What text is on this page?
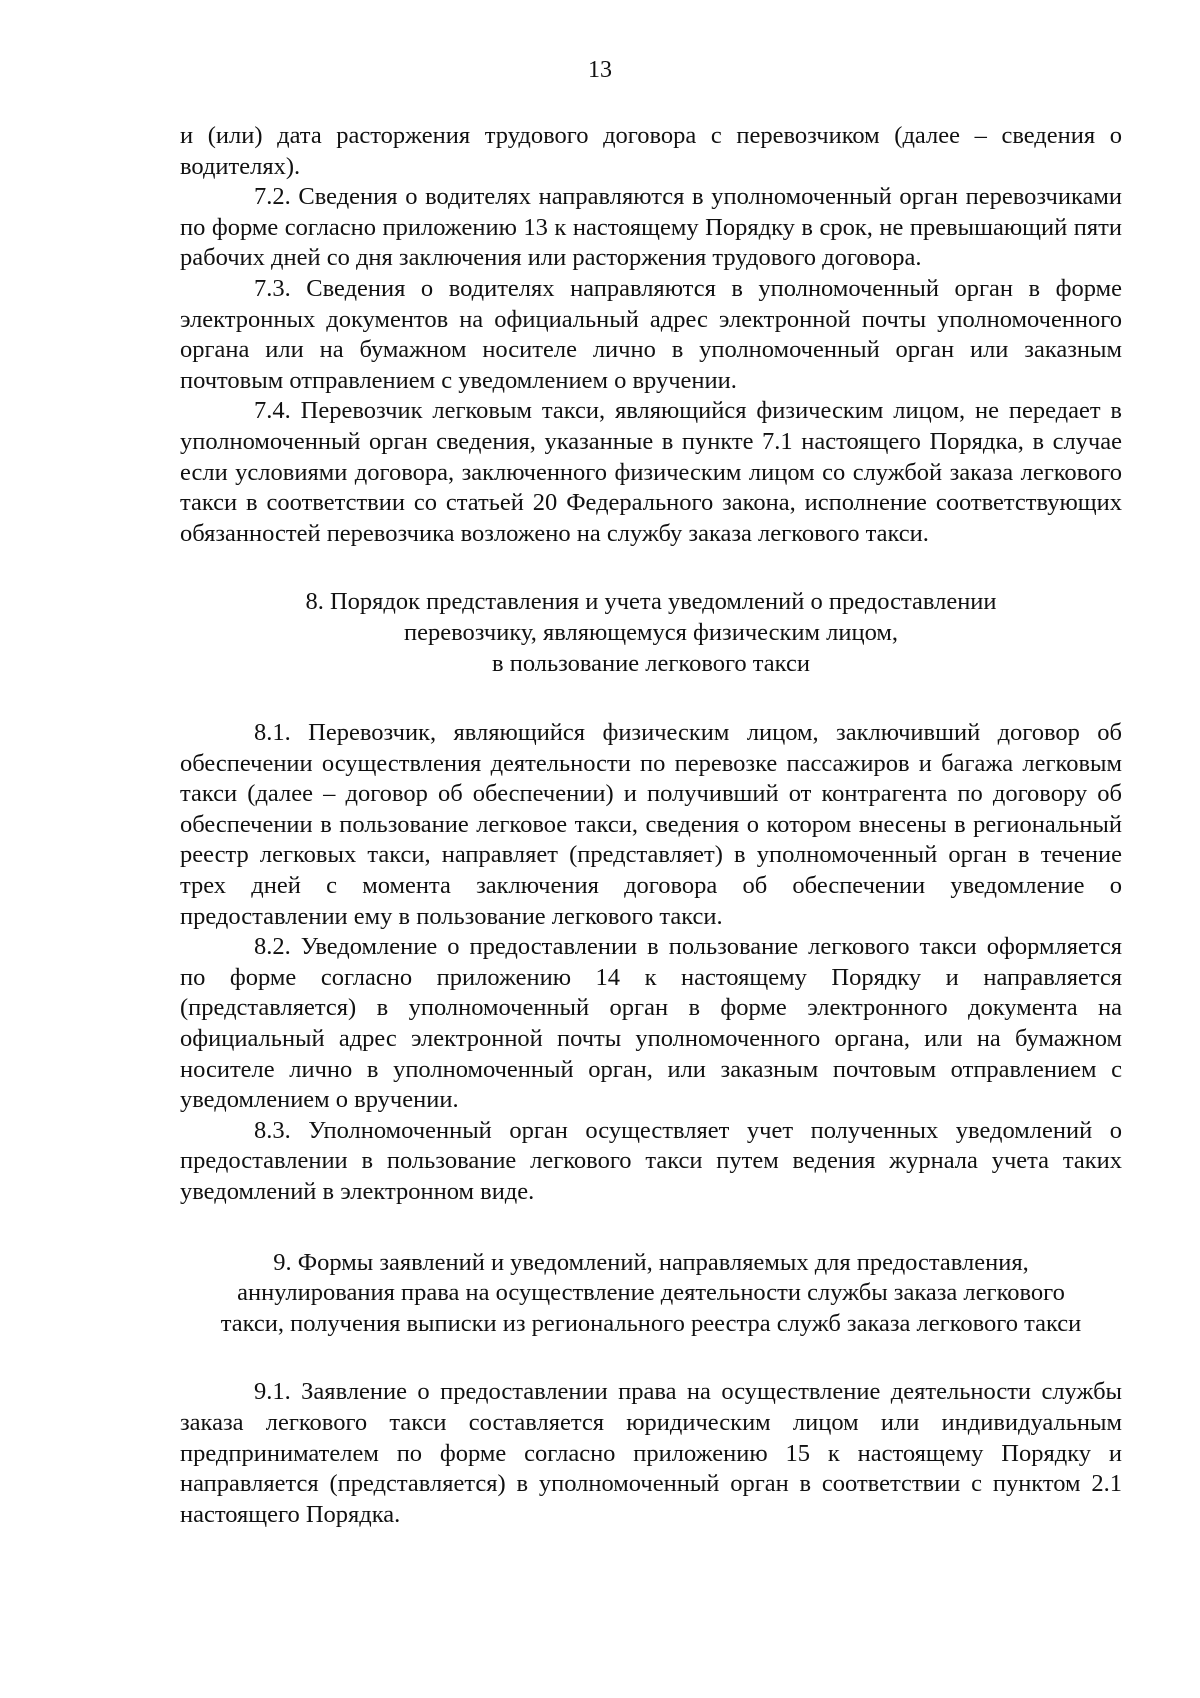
13

и (или) дата расторжения трудового договора с перевозчиком (далее – сведения о водителях).

7.2. Сведения о водителях направляются в уполномоченный орган перевозчиками по форме согласно приложению 13 к настоящему Порядку в срок, не превышающий пяти рабочих дней со дня заключения или расторжения трудового договора.

7.3. Сведения о водителях направляются в уполномоченный орган в форме электронных документов на официальный адрес электронной почты уполномоченного органа или на бумажном носителе лично в уполномоченный орган или заказным почтовым отправлением с уведомлением о вручении.

7.4. Перевозчик легковым такси, являющийся физическим лицом, не передает в уполномоченный орган сведения, указанные в пункте 7.1 настоящего Порядка, в случае если условиями договора, заключенного физическим лицом со службой заказа легкового такси в соответствии со статьей 20 Федерального закона, исполнение соответствующих обязанностей перевозчика возложено на службу заказа легкового такси.

8. Порядок представления и учета уведомлений о предоставлении
перевозчику, являющемуся физическим лицом,
в пользование легкового такси

8.1. Перевозчик, являющийся физическим лицом, заключивший договор об обеспечении осуществления деятельности по перевозке пассажиров и багажа легковым такси (далее – договор об обеспечении) и получивший от контрагента по договору об обеспечении в пользование легковое такси, сведения о котором внесены в региональный реестр легковых такси, направляет (представляет) в уполномоченный орган в течение трех дней с момента заключения договора об обеспечении уведомление о предоставлении ему в пользование легкового такси.

8.2. Уведомление о предоставлении в пользование легкового такси оформляется по форме согласно приложению 14 к настоящему Порядку и направляется (представляется) в уполномоченный орган в форме электронного документа на официальный адрес электронной почты уполномоченного органа, или на бумажном носителе лично в уполномоченный орган, или заказным почтовым отправлением с уведомлением о вручении.

8.3. Уполномоченный орган осуществляет учет полученных уведомлений о предоставлении в пользование легкового такси путем ведения журнала учета таких уведомлений в электронном виде.

9. Формы заявлений и уведомлений, направляемых для предоставления,
аннулирования права на осуществление деятельности службы заказа легкового
такси, получения выписки из регионального реестра служб заказа легкового такси

9.1. Заявление о предоставлении права на осуществление деятельности службы заказа легкового такси составляется юридическим лицом или индивидуальным предпринимателем по форме согласно приложению 15 к настоящему Порядку и направляется (представляется) в уполномоченный орган в соответствии с пунктом 2.1 настоящего Порядка.
